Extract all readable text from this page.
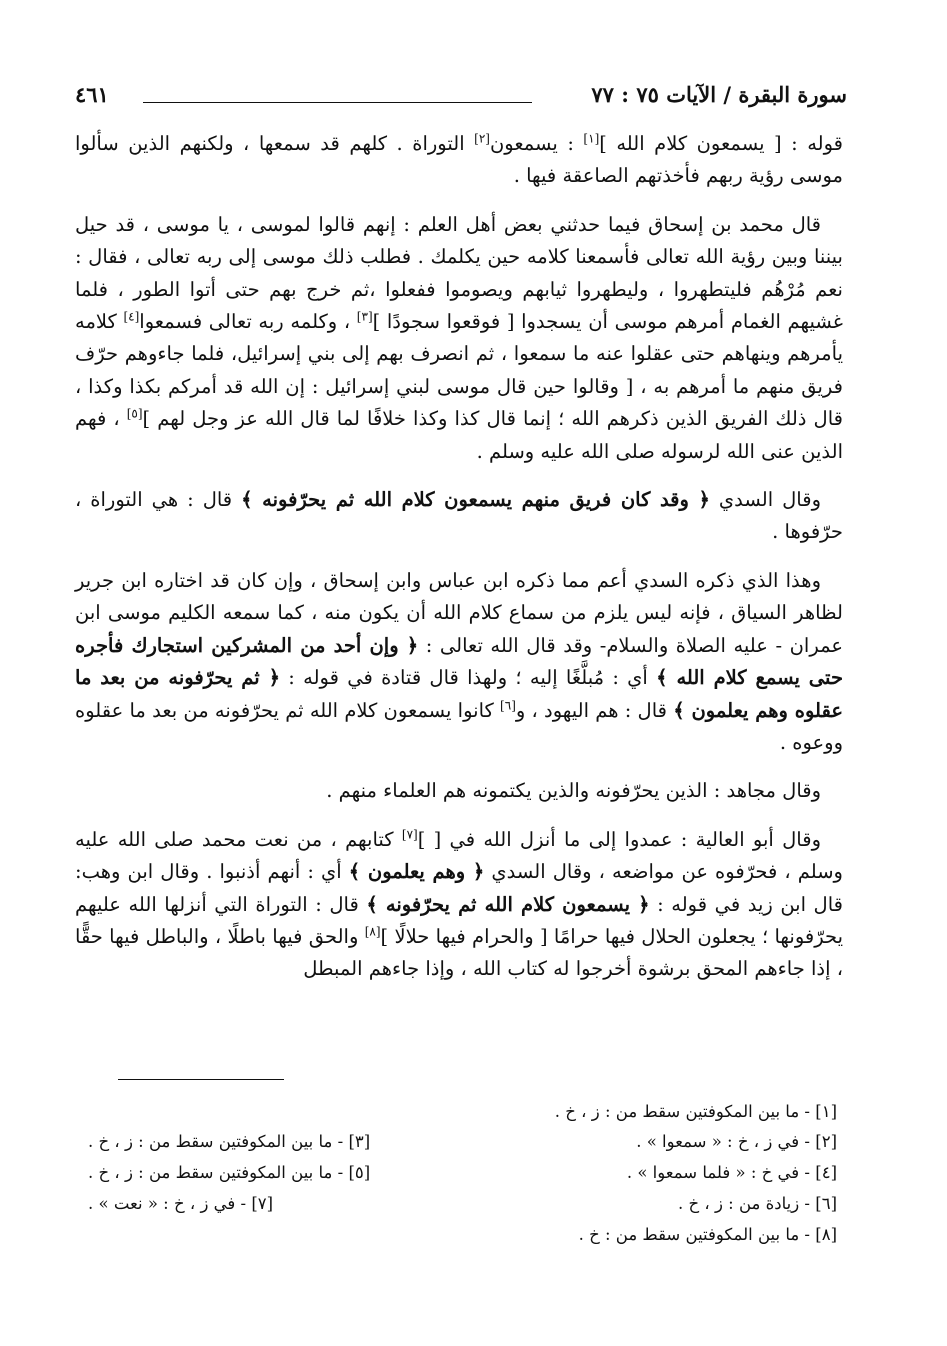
سورة البقرة / الآيات ٧٥ : ٧٧
٤٦١

قوله : [ يسمعون كلام الله ][١] : يسمعون[٢] التوراة . كلهم قد سمعها ، ولكنهم الذين سألوا موسى رؤية ربهم فأخذتهم الصاعقة فيها .

قال محمد بن إسحاق فيما حدثني بعض أهل العلم : إنهم قالوا لموسى ، يا موسى ، قد حيل بيننا وبين رؤية الله تعالى فأسمعنا كلامه حين يكلمك . فطلب ذلك موسى إلى ربه تعالى ، فقال : نعم مُرْهُم فليتطهروا ، وليطهروا ثيابهم ويصوموا ففعلوا ،ثم خرج بهم حتى أتوا الطور ، فلما غشيهم الغمام أمرهم موسى أن يسجدوا [ فوقعوا سجودًا ][٣] ، وكلمه ربه تعالى فسمعوا[٤] كلامه يأمرهم وينهاهم حتى عقلوا عنه ما سمعوا ، ثم انصرف بهم إلى بني إسرائيل، فلما جاءوهم حرّف فريق منهم ما أمرهم به ، [ وقالوا حين قال موسى لبني إسرائيل : إن الله قد أمركم بكذا وكذا ، قال ذلك الفريق الذين ذكرهم الله ؛ إنما قال كذا وكذا خلافًا لما قال الله عز وجل لهم ][٥] ، فهم الذين عنى الله لرسوله صلى الله عليه وسلم .

وقال السدي ﴿ وقد كان فريق منهم يسمعون كلام الله ثم يحرّفونه ﴾ قال : هي التوراة ، حرّفوها .

وهذا الذي ذكره السدي أعم مما ذكره ابن عباس وابن إسحاق ، وإن كان قد اختاره ابن جرير لظاهر السياق ، فإنه ليس يلزم من سماع كلام الله أن يكون منه ، كما سمعه الكليم موسى ابن عمران - عليه الصلاة والسلام- وقد قال الله تعالى : ﴿ وإن أحد من المشركين استجارك فأجره حتى يسمع كلام الله ﴾ أي : مُبلَّغًا إليه ؛ ولهذا قال قتادة في قوله : ﴿ ثم يحرّفونه من بعد ما عقلوه وهم يعلمون ﴾ قال : هم اليهود ، و[٦] كانوا يسمعون كلام الله ثم يحرّفونه من بعد ما عقلوه ووعوه .

وقال مجاهد : الذين يحرّفونه والذين يكتمونه هم العلماء منهم .

وقال أبو العالية : عمدوا إلى ما أنزل الله في [ ][٧] كتابهم ، من نعت محمد صلى الله عليه وسلم ، فحرّفوه عن مواضعه ، وقال السدي ﴿ وهم يعلمون ﴾ أي : أنهم أذنبوا . وقال ابن وهب: قال ابن زيد في قوله : ﴿ يسمعون كلام الله ثم يحرّفونه ﴾ قال : التوراة التي أنزلها الله عليهم يحرّفونها ؛ يجعلون الحلال فيها حرامًا [ والحرام فيها حلالًا ][٨] والحق فيها باطلًا ، والباطل فيها حقًّا ، إذا جاءهم المحق برشوة أخرجوا له كتاب الله ، وإذا جاءهم المبطل

[١] - ما بين المكوفتين سقط من : ز ، خ .
[٢] - في ز ، خ : « سمعوا » .
[٤] - في خ : « فلما سمعوا » .
[٦] - زيادة من : ز ، خ .
[٨] - ما بين المكوفتين سقط من : خ .
[٣] - ما بين المكوفتين سقط من : ز ، خ .
[٥] - ما بين المكوفتين سقط من : ز ، خ .
[٧] - في ز ، خ : « نعت » .
